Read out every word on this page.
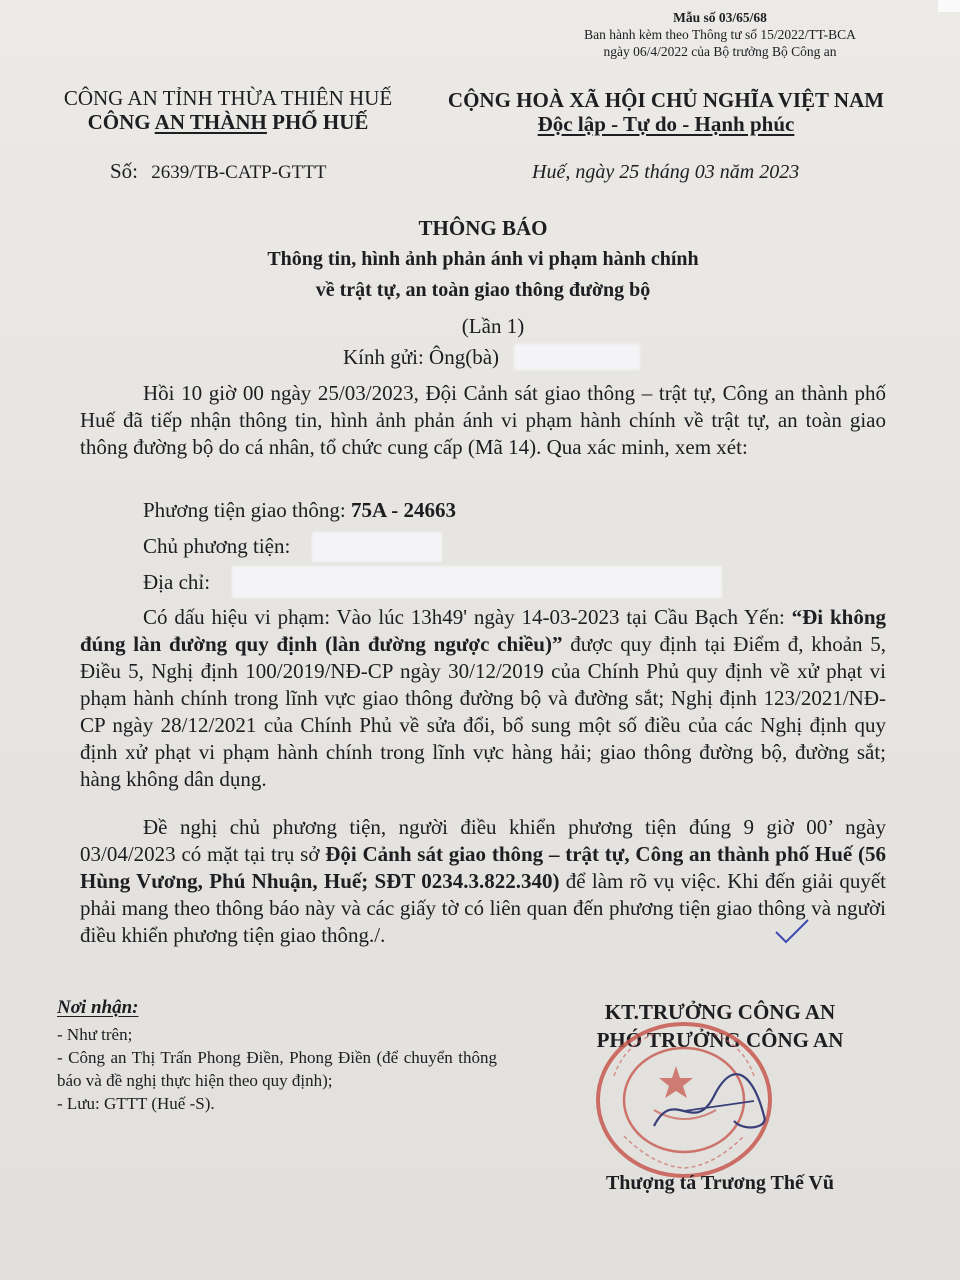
Mẫu số 03/65/68
Ban hành kèm theo Thông tư số 15/2022/TT-BCA
ngày 06/4/2022 của Bộ trưởng Bộ Công an
CÔNG AN TỈNH THỪA THIÊN HUẾ
CÔNG AN THÀNH PHỐ HUẾ
CỘNG HOÀ XÃ HỘI CHỦ NGHĨA VIỆT NAM
Độc lập - Tự do - Hạnh phúc
Số: 2639/TB-CATP-GTTT	Huế, ngày 25 tháng 03 năm 2023
THÔNG BÁO
Thông tin, hình ảnh phản ánh vi phạm hành chính
về trật tự, an toàn giao thông đường bộ
(Lần 1)
Kính gửi: Ông(bà)
Hồi 10 giờ 00 ngày 25/03/2023, Đội Cảnh sát giao thông – trật tự, Công an thành phố Huế đã tiếp nhận thông tin, hình ảnh phản ánh vi phạm hành chính về trật tự, an toàn giao thông đường bộ do cá nhân, tổ chức cung cấp (Mã 14). Qua xác minh, xem xét:
Phương tiện giao thông: 75A - 24663
Chủ phương tiện:
Địa chỉ:
Có dấu hiệu vi phạm: Vào lúc 13h49' ngày 14-03-2023 tại Cầu Bạch Yến: “Đi không đúng làn đường quy định (làn đường ngược chiều)” được quy định tại Điểm đ, khoản 5, Điều 5, Nghị định 100/2019/NĐ-CP ngày 30/12/2019 của Chính Phủ quy định về xử phạt vi phạm hành chính trong lĩnh vực giao thông đường bộ và đường sắt; Nghị định 123/2021/NĐ-CP ngày 28/12/2021 của Chính Phủ về sửa đổi, bổ sung một số điều của các Nghị định quy định xử phạt vi phạm hành chính trong lĩnh vực hàng hải; giao thông đường bộ, đường sắt; hàng không dân dụng.
Đề nghị chủ phương tiện, người điều khiển phương tiện đúng 9 giờ 00’ ngày 03/04/2023 có mặt tại trụ sở Đội Cảnh sát giao thông – trật tự, Công an thành phố Huế (56 Hùng Vương, Phú Nhuận, Huế; SĐT 0234.3.822.340) để làm rõ vụ việc. Khi đến giải quyết phải mang theo thông báo này và các giấy tờ có liên quan đến phương tiện giao thông và người điều khiển phương tiện giao thông./.
Nơi nhận:
- Như trên;
- Công an Thị Trấn Phong Điền, Phong Điền (để chuyển thông báo và đề nghị thực hiện theo quy định);
- Lưu: GTTT (Huế -S).
KT.TRƯỞNG CÔNG AN
PHÓ TRƯỞNG CÔNG AN
Thượng tá Trương Thế Vũ
